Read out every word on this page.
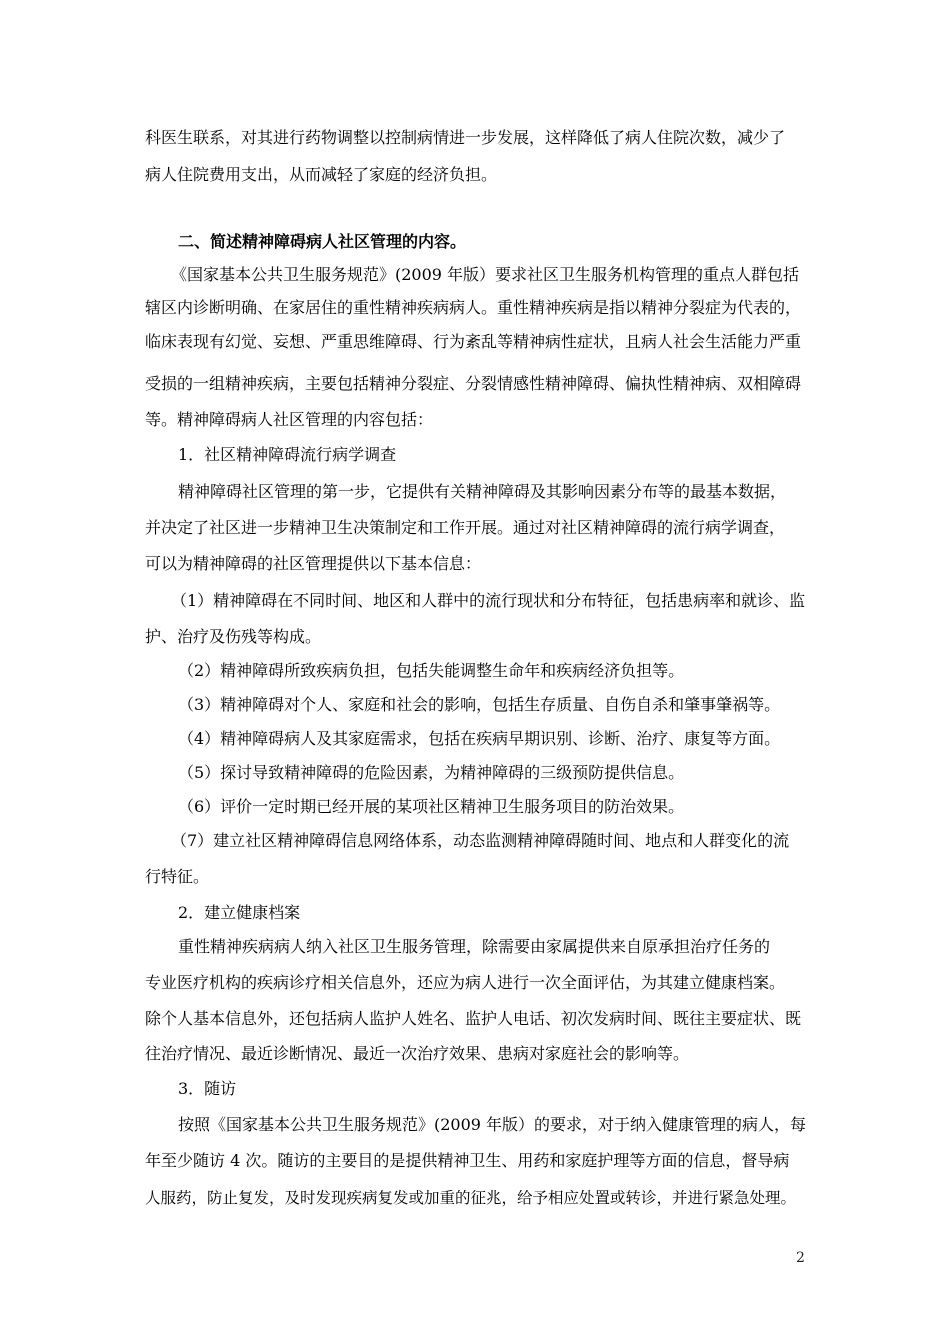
科医生联系，对其进行药物调整以控制病情进一步发展，这样降低了病人住院次数，减少了
病人住院费用支出，从而减轻了家庭的经济负担。
二、简述精神障碍病人社区管理的内容。
《国家基本公共卫生服务规范》(2009 年版）要求社区卫生服务机构管理的重点人群包括
辖区内诊断明确、在家居住的重性精神疾病病人。重性精神疾病是指以精神分裂症为代表的，
临床表现有幻觉、妄想、严重思维障碍、行为紊乱等精神病性症状，且病人社会生活能力严重
受损的一组精神疾病，主要包括精神分裂症、分裂情感性精神障碍、偏执性精神病、双相障碍
等。精神障碍病人社区管理的内容包括：
1．社区精神障碍流行病学调查
精神障碍社区管理的第一步，它提供有关精神障碍及其影响因素分布等的最基本数据，
并决定了社区进一步精神卫生决策制定和工作开展。通过对社区精神障碍的流行病学调查，
可以为精神障碍的社区管理提供以下基本信息：
（1）精神障碍在不同时间、地区和人群中的流行现状和分布特征，包括患病率和就诊、监
护、治疗及伤残等构成。
（2）精神障碍所致疾病负担，包括失能调整生命年和疾病经济负担等。
（3）精神障碍对个人、家庭和社会的影响，包括生存质量、自伤自杀和肇事肇祸等。
（4）精神障碍病人及其家庭需求，包括在疾病早期识别、诊断、治疗、康复等方面。
（5）探讨导致精神障碍的危险因素，为精神障碍的三级预防提供信息。
（6）评价一定时期已经开展的某项社区精神卫生服务项目的防治效果。
（7）建立社区精神障碍信息网络体系，动态监测精神障碍随时间、地点和人群变化的流
行特征。
2．建立健康档案
重性精神疾病病人纳入社区卫生服务管理，除需要由家属提供来自原承担治疗任务的
专业医疗机构的疾病诊疗相关信息外，还应为病人进行一次全面评估，为其建立健康档案。
除个人基本信息外，还包括病人监护人姓名、监护人电话、初次发病时间、既往主要症状、既
往治疗情况、最近诊断情况、最近一次治疗效果、患病对家庭社会的影响等。
3．随访
按照《国家基本公共卫生服务规范》(2009 年版）的要求，对于纳入健康管理的病人，每
年至少随访 4 次。随访的主要目的是提供精神卫生、用药和家庭护理等方面的信息，督导病
人服药，防止复发，及时发现疾病复发或加重的征兆，给予相应处置或转诊，并进行紧急处理。
2
